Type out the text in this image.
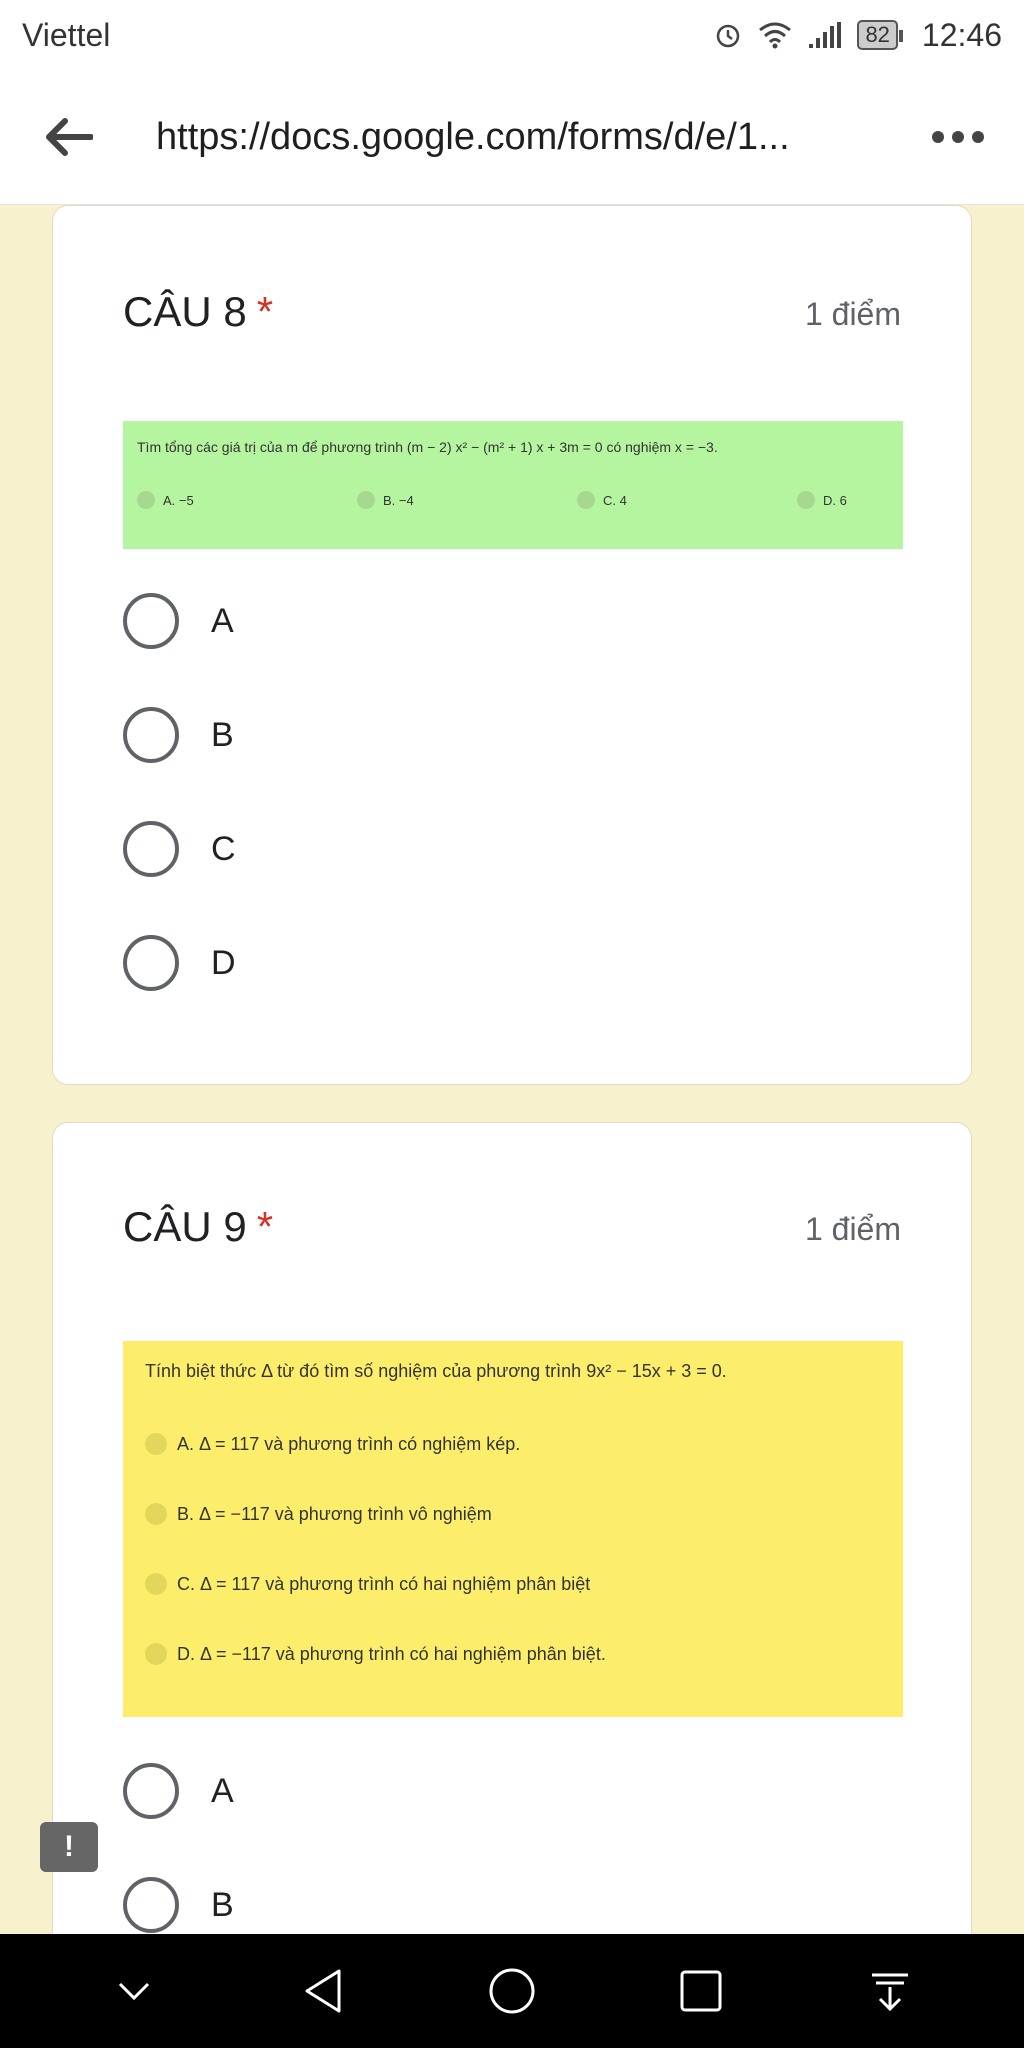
Viettel	82 12:46
https://docs.google.com/forms/d/e/1...
CÂU 8 *	1 điểm
Tìm tổng các giá trị của m để phương trình (m − 2) x² − (m² + 1) x + 3m = 0 có nghiệm x = −3.
A. −5	B. −4	C. 4	D. 6
A
B
C
D
CÂU 9 *	1 điểm
Tính biệt thức Δ từ đó tìm số nghiệm của phương trình 9x² − 15x + 3 = 0.
A. Δ = 117 và phương trình có nghiệm kép.
B. Δ = −117 và phương trình vô nghiệm
C. Δ = 117 và phương trình có hai nghiệm phân biệt
D. Δ = −117 và phương trình có hai nghiệm phân biệt.
A
B
!
